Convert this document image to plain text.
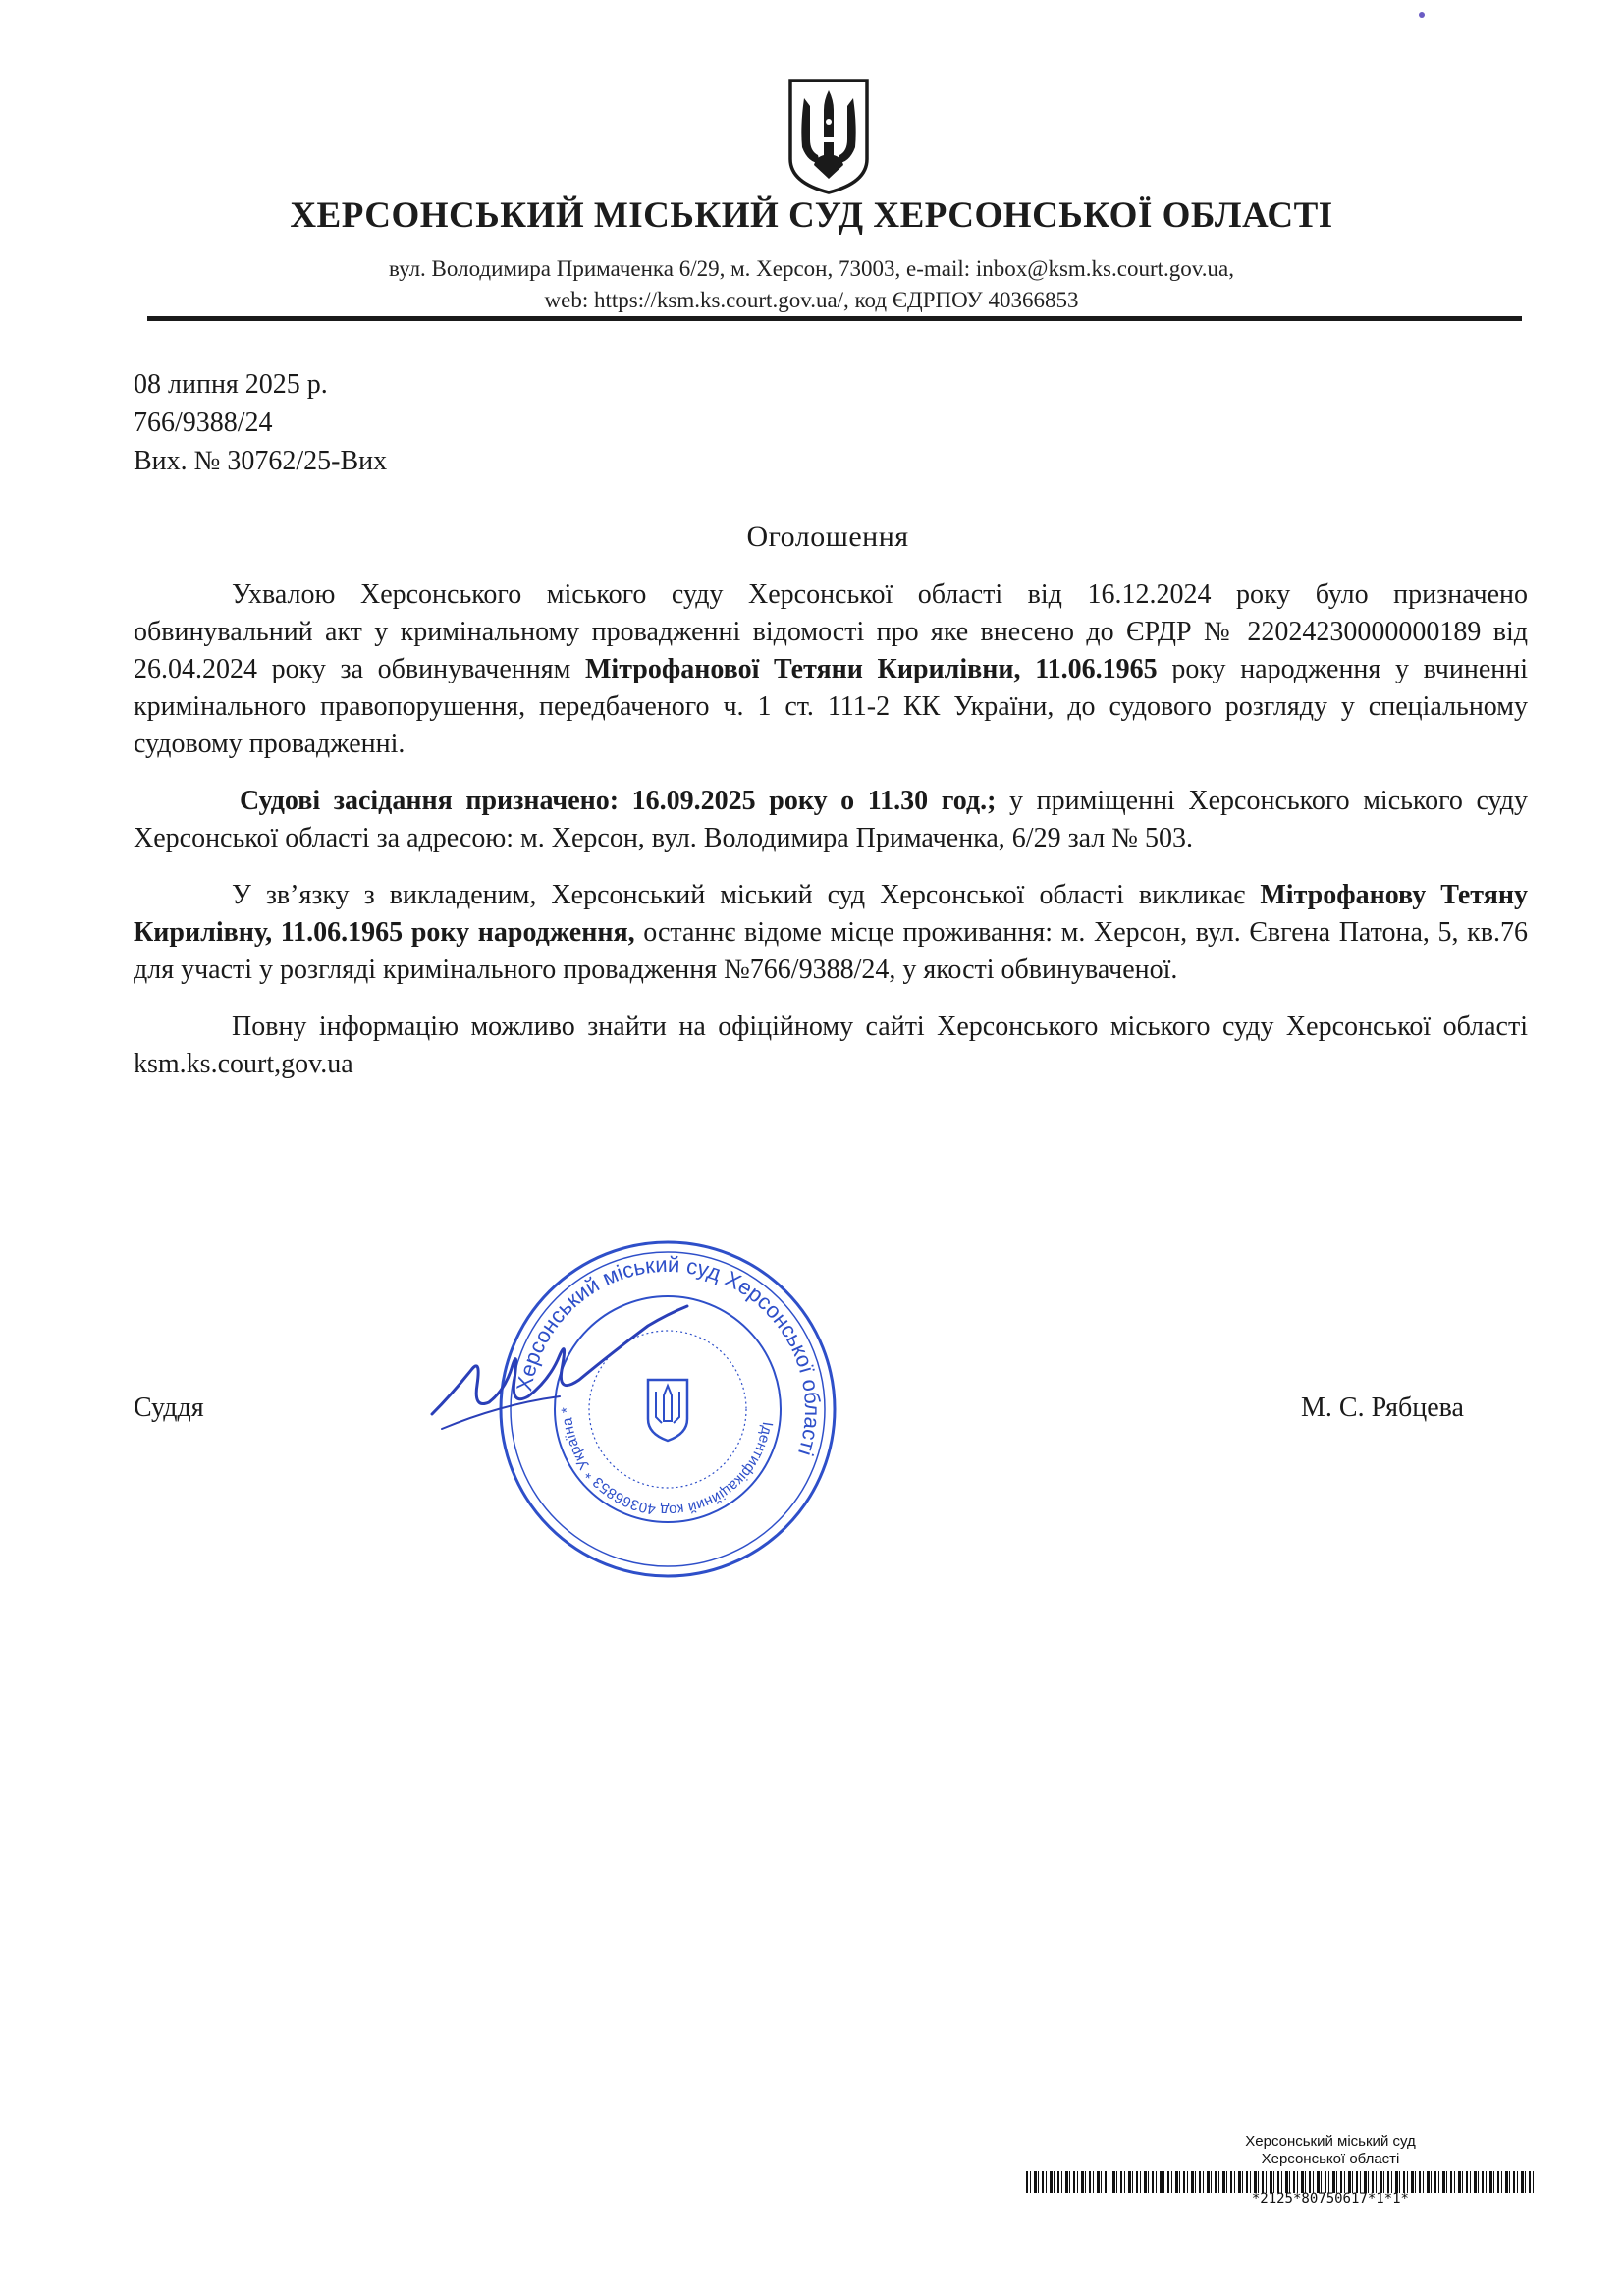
ХЕРСОНСЬКИЙ МІСЬКИЙ СУД ХЕРСОНСЬКОЇ ОБЛАСТІ
вул. Володимира Примаченка 6/29, м. Херсон, 73003, e-mail: inbox@ksm.ks.court.gov.ua,
web: https://ksm.ks.court.gov.ua/, код ЄДРПОУ 40366853
08 липня 2025 р.
766/9388/24
Вих. № 30762/25-Вих
Оголошення

Ухвалою Херсонського міського суду Херсонської області від 16.12.2024 року було призначено обвинувальний акт у кримінальному провадженні відомості про яке внесено до ЄРДР № 22024230000000189 від 26.04.2024 року за обвинуваченням Мітрофанової Тетяни Кирилівни, 11.06.1965 року народження у вчиненні кримінального правопорушення, передбаченого ч. 1 ст. 111-2 КК України, до судового розгляду у спеціальному судовому провадженні.

Судові засідання призначено: 16.09.2025 року о 11.30 год.; у приміщенні Херсонського міського суду Херсонської області за адресою: м. Херсон, вул. Володимира Примаченка, 6/29 зал № 503.

У зв’язку з викладеним, Херсонський міський суд Херсонської області викликає Мітрофанову Тетяну Кирилівну, 11.06.1965 року народження, останнє відоме місце проживання: м. Херсон, вул. Євгена Патона, 5, кв.76 для участі у розгляді кримінального провадження №766/9388/24, у якості обвинуваченої.

Повну інформацію можливо знайти на офіційному сайті Херсонського міського суду Херсонської області ksm.ks.court,gov.ua

Херсонський міський суд Херсонської області
Ідентифікаційний код 40366853 * Україна *
Суддя	М. С. Рябцева
Херсонський міський суд
Херсонської області
*2125*80750617*1*1*
